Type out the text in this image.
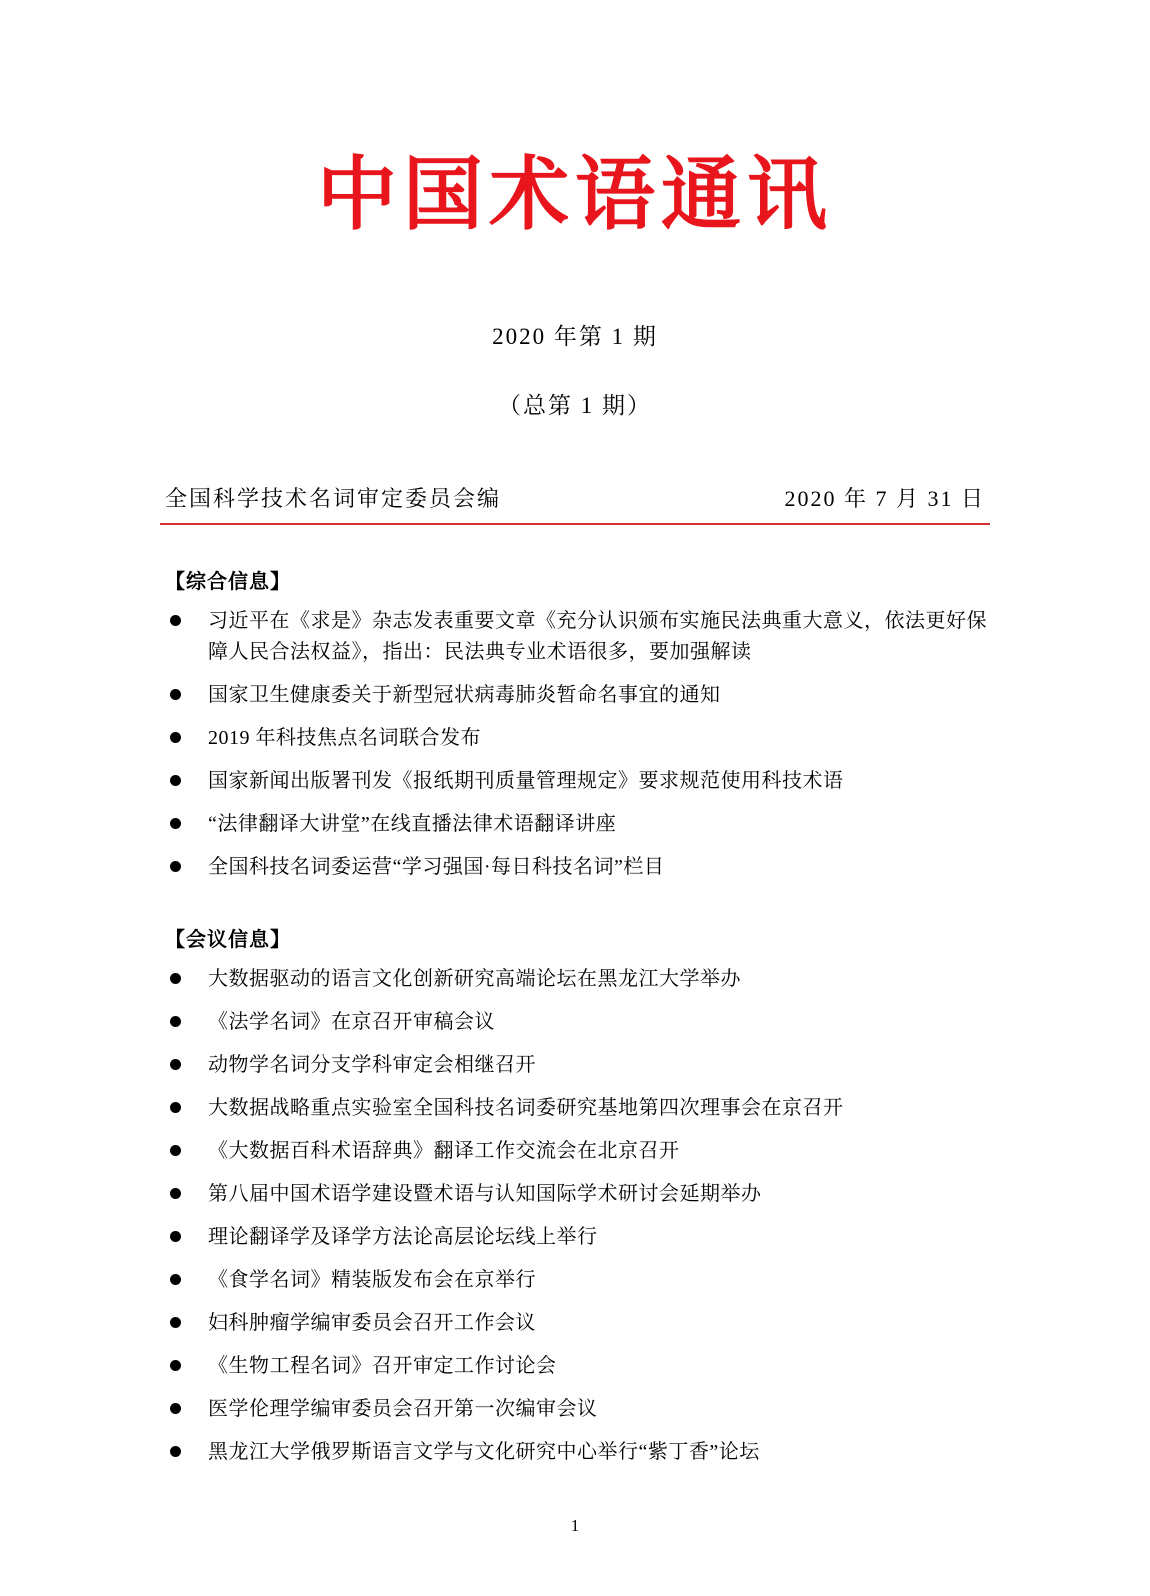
中国术语通讯
2020 年第 1 期
（总第 1 期）
全国科学技术名词审定委员会编	2020 年 7 月 31 日
【综合信息】
习近平在《求是》杂志发表重要文章《充分认识颁布实施民法典重大意义，依法更好保障人民合法权益》，指出：民法典专业术语很多，要加强解读
国家卫生健康委关于新型冠状病毒肺炎暂命名事宜的通知
2019 年科技焦点名词联合发布
国家新闻出版署刊发《报纸期刊质量管理规定》要求规范使用科技术语
“法律翻译大讲堂”在线直播法律术语翻译讲座
全国科技名词委运营“学习强国·每日科技名词”栏目
【会议信息】
大数据驱动的语言文化创新研究高端论坛在黑龙江大学举办
《法学名词》在京召开审稿会议
动物学名词分支学科审定会相继召开
大数据战略重点实验室全国科技名词委研究基地第四次理事会在京召开
《大数据百科术语辞典》翻译工作交流会在北京召开
第八届中国术语学建设暨术语与认知国际学术研讨会延期举办
理论翻译学及译学方法论高层论坛线上举行
《食学名词》精装版发布会在京举行
妇科肿瘤学编审委员会召开工作会议
《生物工程名词》召开审定工作讨论会
医学伦理学编审委员会召开第一次编审会议
黑龙江大学俄罗斯语言文学与文化研究中心举行“紫丁香”论坛
1
